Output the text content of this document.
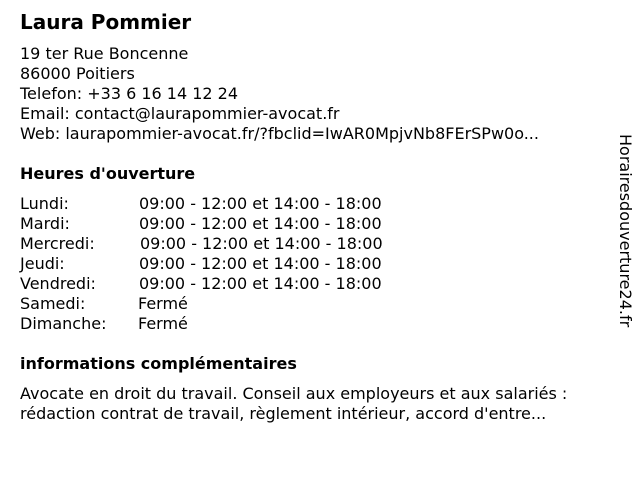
Laura Pommier
19 ter Rue Boncenne
86000 Poitiers
Telefon: +33 6 16 14 12 24
Email: contact@laurapommier-avocat.fr
Web: laurapommier-avocat.fr/?fbclid=IwAR0MpjvNb8FErSPw0o...
Heures d'ouverture
Lundi:	09:00 - 12:00 et 14:00 - 18:00
Mardi:	09:00 - 12:00 et 14:00 - 18:00
Mercredi:	09:00 - 12:00 et 14:00 - 18:00
Jeudi:	09:00 - 12:00 et 14:00 - 18:00
Vendredi:	09:00 - 12:00 et 14:00 - 18:00
Samedi:	Fermé
Dimanche: Fermé
informations complémentaires
Avocate en droit du travail. Conseil aux employeurs et aux salariés :
rédaction contrat de travail, règlement intérieur, accord d'entre...
Horairesdouverture24.fr
